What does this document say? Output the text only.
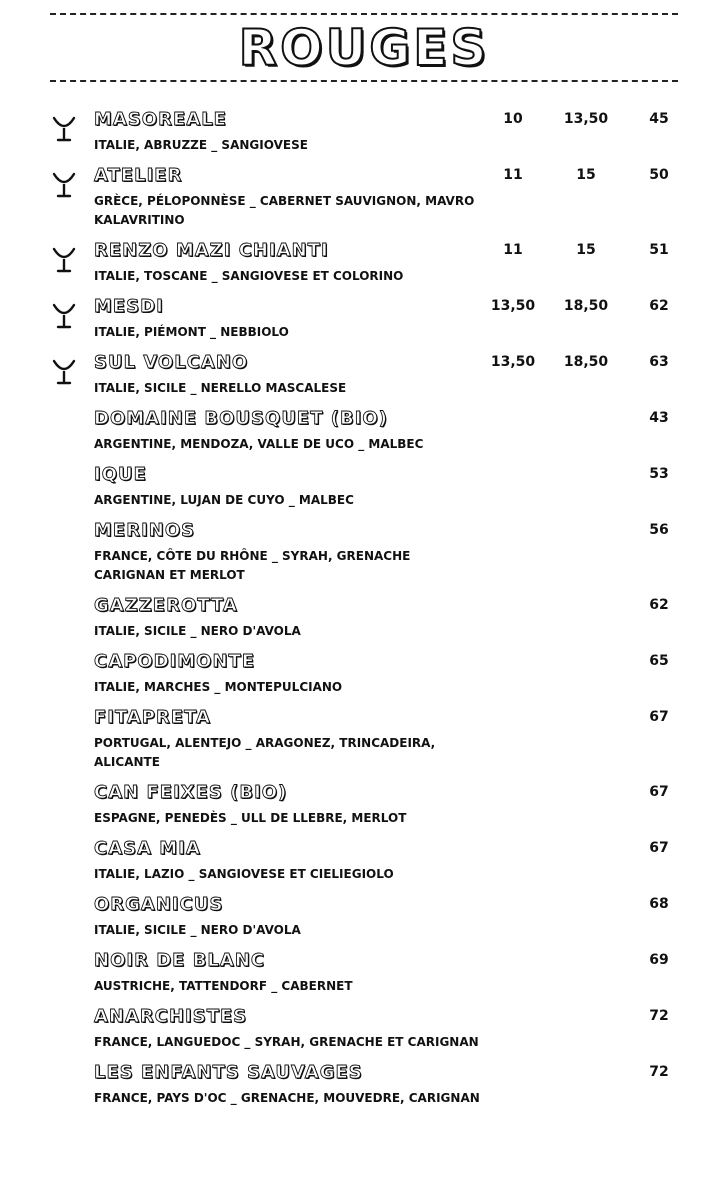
ROUGES
MASOREALE
ITALIE, ABRUZZE _ SANGIOVESE
10	13,50	45
ATELIER
GRÈCE, PÉLOPONNÈSE _ CABERNET SAUVIGNON, MAVRO KALAVRITINO
11	15	50
RENZO MAZI CHIANTI
ITALIE, TOSCANE _ SANGIOVESE ET COLORINO
11	15	51
MESDI
ITALIE, PIÉMONT _ NEBBIOLO
13,50	18,50	62
SUL VOLCANO
ITALIE, SICILE _ NERELLO MASCALESE
13,50	18,50	63
DOMAINE BOUSQUET (BIO)
ARGENTINE, MENDOZA, VALLE DE UCO _ MALBEC
43
IQUE
ARGENTINE, LUJAN DE CUYO _ MALBEC
53
MERINOS
FRANCE, CÔTE DU RHÔNE _ SYRAH, GRENACHE CARIGNAN ET MERLOT
56
GAZZEROTTA
ITALIE, SICILE _ NERO D'AVOLA
62
CAPODIMONTE
ITALIE, MARCHES _ MONTEPULCIANO
65
FITAPRETA
PORTUGAL, ALENTEJO _ ARAGONEZ, TRINCADEIRA, ALICANTE
67
CAN FEIXES (BIO)
ESPAGNE, PENEDÈS _ ULL DE LLEBRE, MERLOT
67
CASA MIA
ITALIE, LAZIO _ SANGIOVESE ET CIELIEGIOLO
67
ORGANICUS
ITALIE, SICILE _ NERO D'AVOLA
68
NOIR DE BLANC
AUSTRICHE, TATTENDORF _ CABERNET
69
ANARCHISTES
FRANCE, LANGUEDOC _ SYRAH, GRENACHE ET CARIGNAN
72
LES ENFANTS SAUVAGES
FRANCE, PAYS D'OC _ GRENACHE, MOUVEDRE, CARIGNAN
72
